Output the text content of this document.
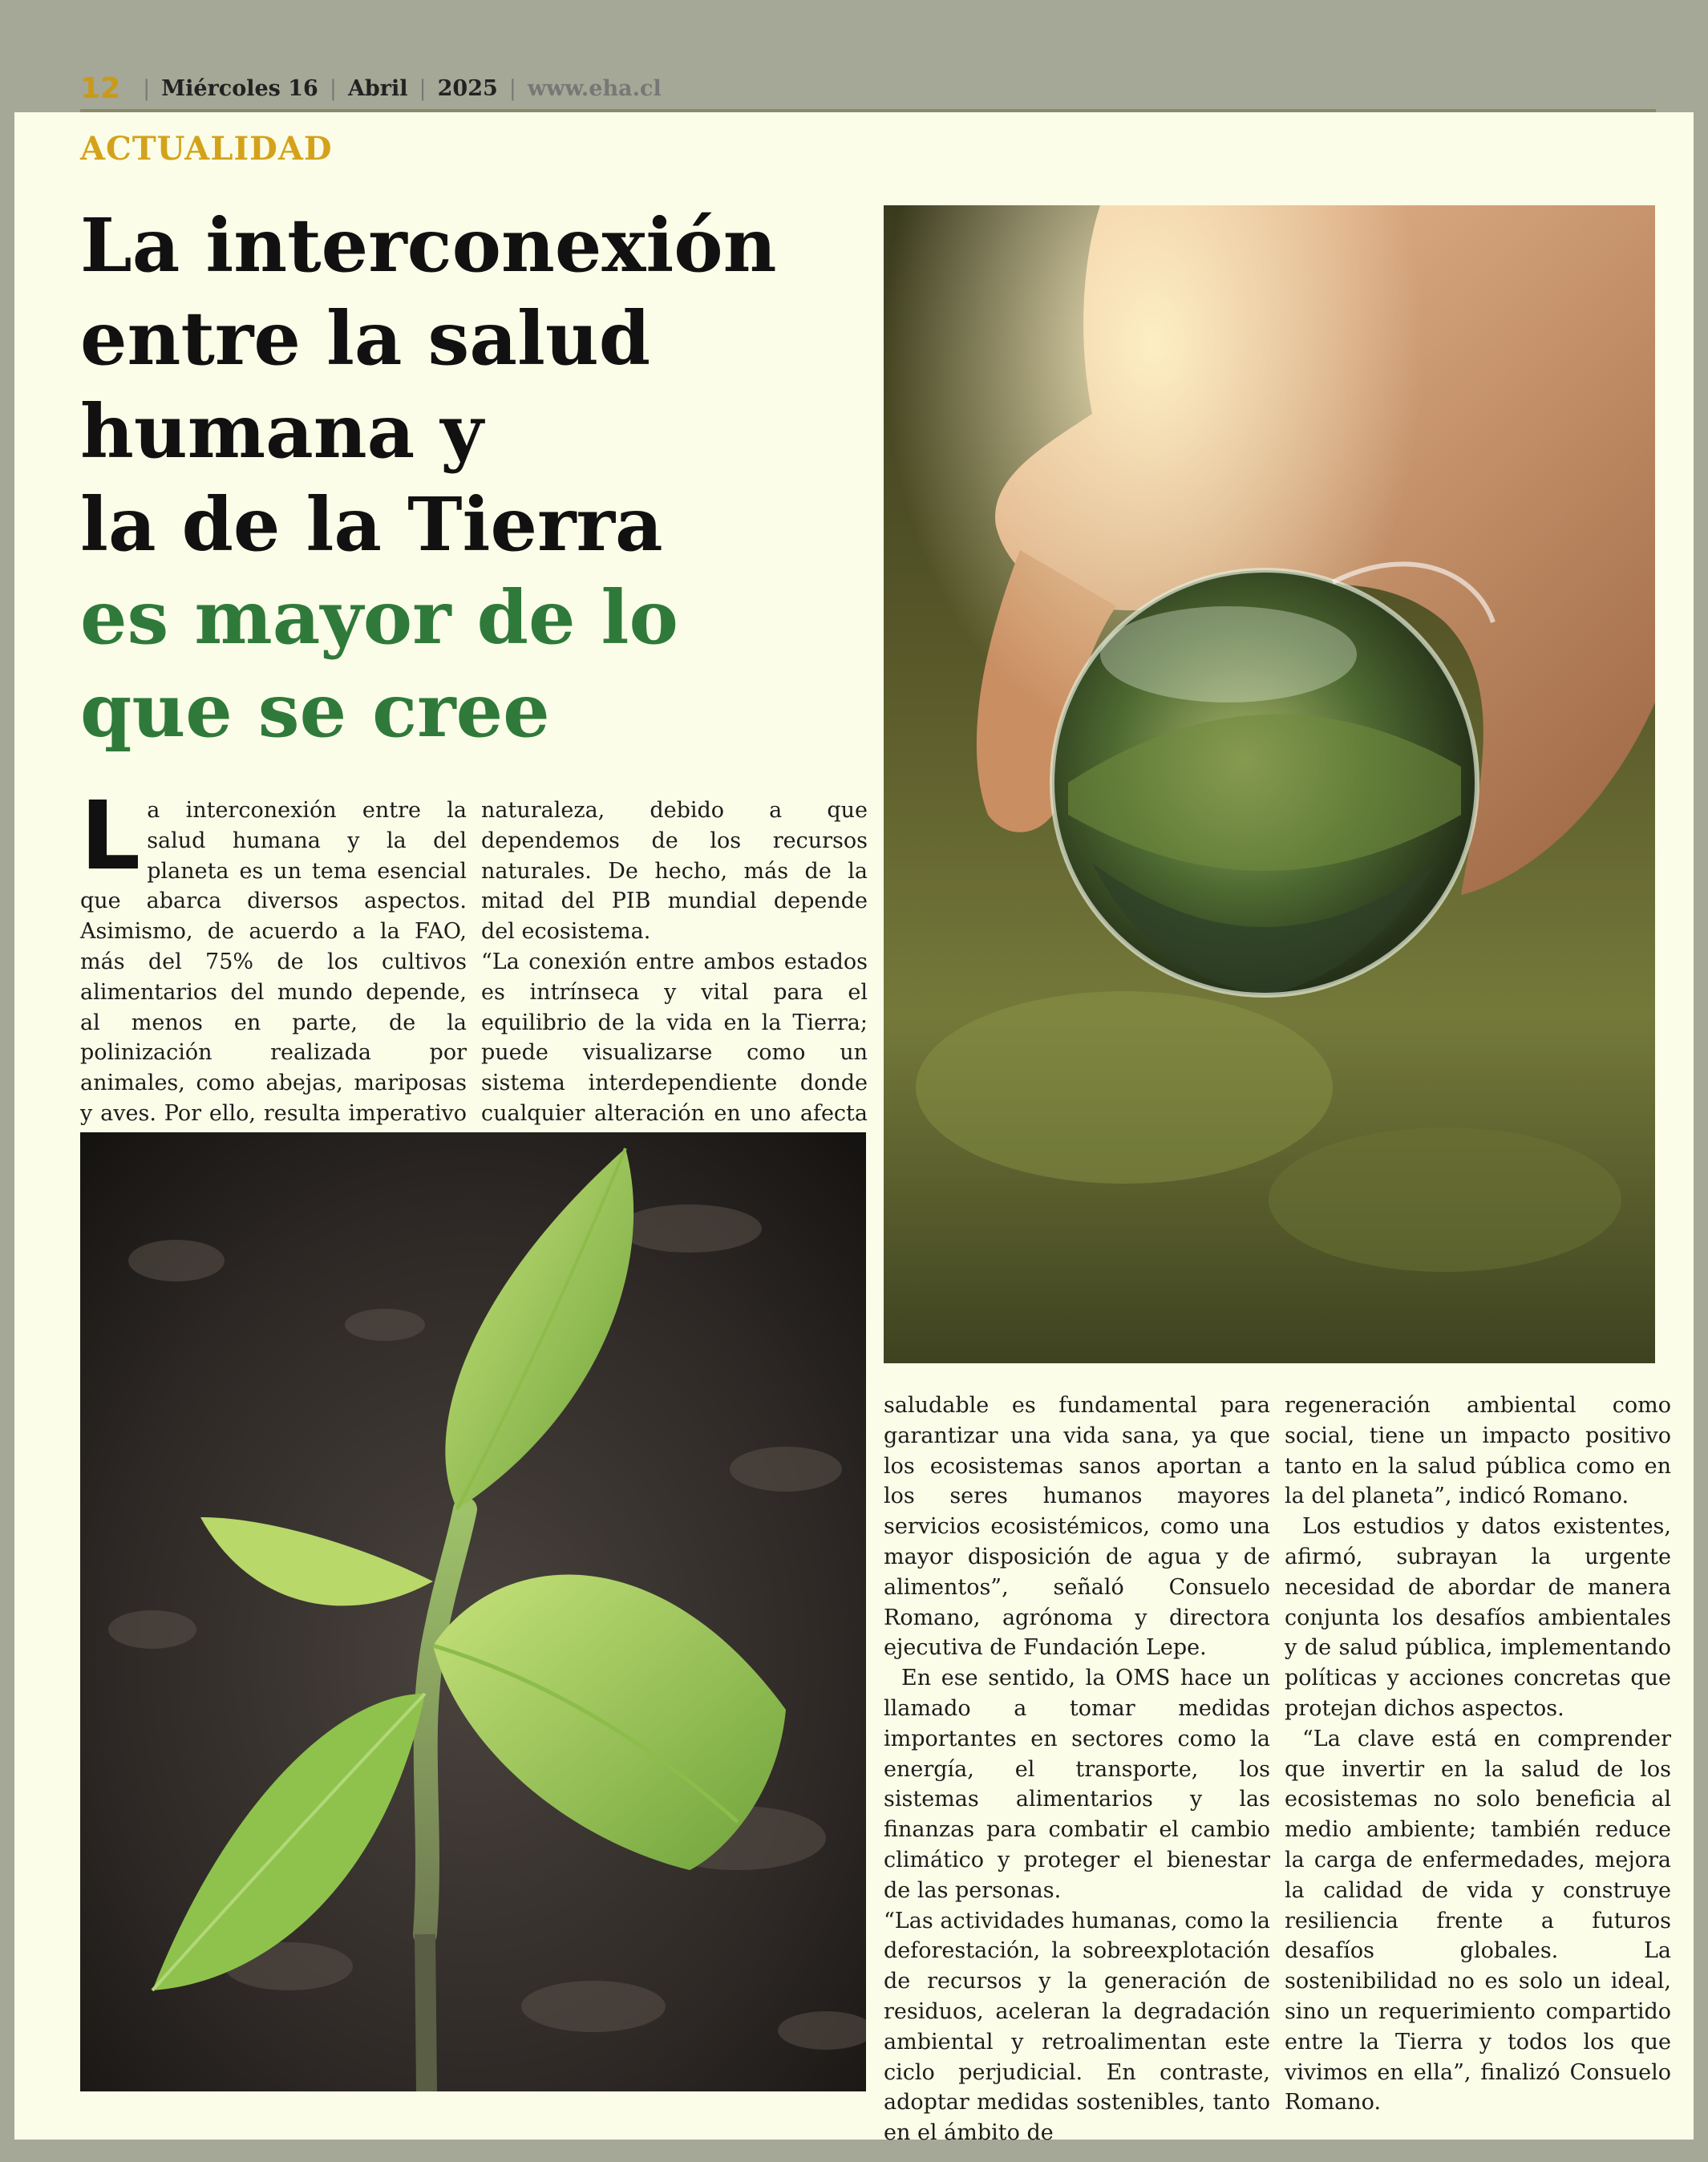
12 | Miércoles 16 | Abril | 2025 | www.eha.cl
ACTUALIDAD
La interconexión
entre la salud
humana y
la de la Tierra
es mayor de lo
que se cree

La interconexión entre la salud humana y la del planeta es un tema esencial que abarca diversos aspectos. Asimismo, de acuerdo a la FAO, más del 75% de los cultivos alimentarios del mundo depende, al menos en parte, de la polinización realizada por animales, como abejas, mariposas y aves. Por ello, resulta imperativo

naturaleza, debido a que dependemos de los recursos naturales. De hecho, más de la mitad del PIB mundial depende del ecosistema.

“La conexión entre ambos estados es intrínseca y vital para el equilibrio de la vida en la Tierra; puede visualizarse como un sistema interdependiente donde cualquier alteración en uno afecta

saludable es fundamental para garantizar una vida sana, ya que los ecosistemas sanos aportan a los seres humanos mayores servicios ecosistémicos, como una mayor disposición de agua y de alimentos”, señaló Consuelo Romano, agrónoma y directora ejecutiva de Fundación Lepe.

En ese sentido, la OMS hace un llamado a tomar medidas importantes en sectores como la energía, el transporte, los sistemas alimentarios y las finanzas para combatir el cambio climático y proteger el bienestar de las personas.

“Las actividades humanas, como la deforestación, la sobreexplotación de recursos y la generación de residuos, aceleran la degradación ambiental y retroalimentan este ciclo perjudicial. En contraste, adoptar medidas sostenibles, tanto en el ámbito de

regeneración ambiental como social, tiene un impacto positivo tanto en la salud pública como en la del planeta”, indicó Romano.

Los estudios y datos existentes, afirmó, subrayan la urgente necesidad de abordar de manera conjunta los desafíos ambientales y de salud pública, implementando políticas y acciones concretas que protejan dichos aspectos.

“La clave está en comprender que invertir en la salud de los ecosistemas no solo beneficia al medio ambiente; también reduce la carga de enfermedades, mejora la calidad de vida y construye resiliencia frente a futuros desafíos globales. La sostenibilidad no es solo un ideal, sino un requerimiento compartido entre la Tierra y todos los que vivimos en ella”, finalizó Consuelo Romano.
